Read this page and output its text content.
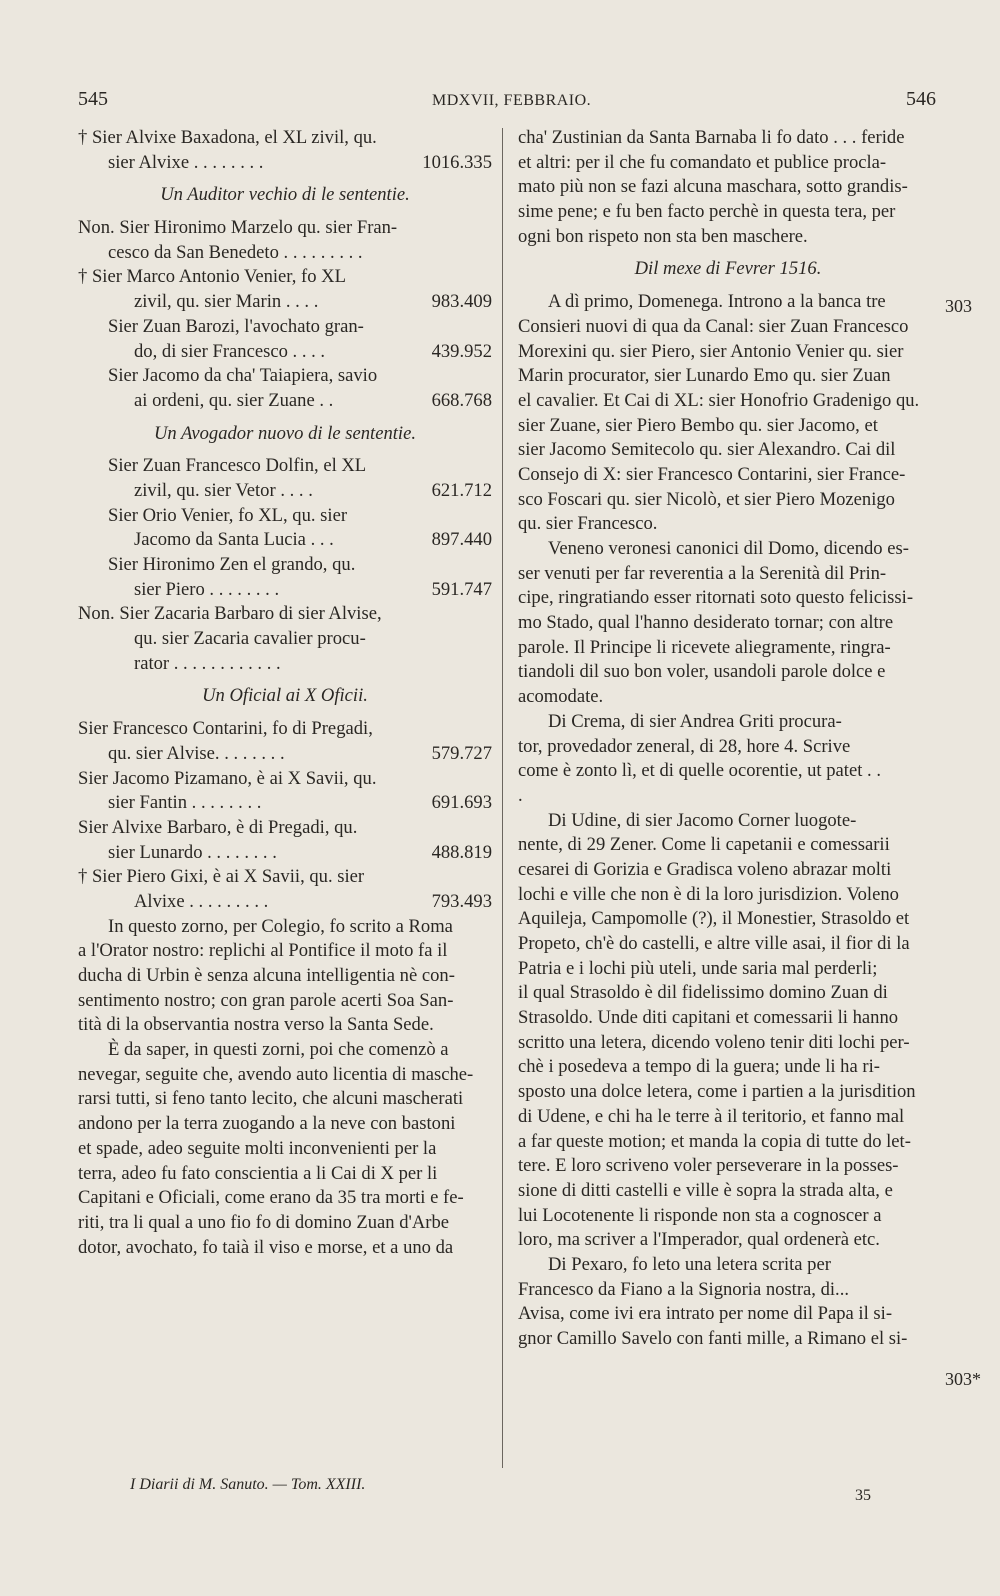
545	MDXVII, FEBBRAIO.	546
† Sier Alvixe Baxadona, el XL zivil, qu.
1016.335
sier Alvixe . . . . . . . .
Un Auditor vechio di le sententie.
Non. Sier Hironimo Marzelo qu. sier Fran-
cesco da San Benedeto . . . . . . . . .
† Sier Marco Antonio Venier, fo XL
983.409
zivil, qu. sier Marin . . . .
Sier Zuan Barozi, l'avochato gran-
439.952
do, di sier Francesco . . . .
Sier Jacomo da cha' Taiapiera, savio
668.768
ai ordeni, qu. sier Zuane . .
Un Avogador nuovo di le sententie.
Sier Zuan Francesco Dolfin, el XL
621.712
zivil, qu. sier Vetor . . . .
Sier Orio Venier, fo XL, qu. sier
897.440
Jacomo da Santa Lucia . . .
Sier Hironimo Zen el grando, qu.
591.747
sier Piero . . . . . . . .
Non. Sier Zacaria Barbaro di sier Alvise,
qu. sier Zacaria cavalier procu-
rator . . . . . . . . . . . .
Un Oficial ai X Oficii.
Sier Francesco Contarini, fo di Pregadi,
579.727
qu. sier Alvise. . . . . . . .
Sier Jacomo Pizamano, è ai X Savii, qu.
691.693
sier Fantin . . . . . . . .
Sier Alvixe Barbaro, è di Pregadi, qu.
488.819
sier Lunardo . . . . . . . .
† Sier Piero Gixi, è ai X Savii, qu. sier
793.493
Alvixe . . . . . . . . .
In questo zorno, per Colegio, fo scrito a Roma
a l'Orator nostro: replichi al Pontifice il moto fa il
ducha di Urbin è senza alcuna intelligentia nè con-
sentimento nostro; con gran parole acerti Soa San-
tità di la observantia nostra verso la Santa Sede.
È da saper, in questi zorni, poi che comenzò a
nevegar, seguite che, avendo auto licentia di masche-
rarsi tutti, si feno tanto lecito, che alcuni mascherati
andono per la terra zuogando a la neve con bastoni
et spade, adeo seguite molti inconvenienti per la
terra, adeo fu fato conscientia a li Cai di X per li
Capitani e Oficiali, come erano da 35 tra morti e fe-
riti, tra li qual a uno fio fo di domino Zuan d'Arbe
dotor, avochato, fo taià il viso e morse, et a uno da
cha' Zustinian da Santa Barnaba li fo dato . . . feride
et altri: per il che fu comandato et publice procla-
mato più non se fazi alcuna maschara, sotto grandis-
sime pene; e fu ben facto perchè in questa tera, per
ogni bon rispeto non sta ben maschere.
Dil mexe di Fevrer 1516.
A dì primo, Domenega. Introno a la banca tre
Consieri nuovi di qua da Canal: sier Zuan Francesco
Morexini qu. sier Piero, sier Antonio Venier qu. sier
Marin procurator, sier Lunardo Emo qu. sier Zuan
el cavalier. Et Cai di XL: sier Honofrio Gradenigo qu.
sier Zuane, sier Piero Bembo qu. sier Jacomo, et
sier Jacomo Semitecolo qu. sier Alexandro. Cai dil
Consejo di X: sier Francesco Contarini, sier France-
sco Foscari qu. sier Nicolò, et sier Piero Mozenigo
qu. sier Francesco.
Veneno veronesi canonici dil Domo, dicendo es-
ser venuti per far reverentia a la Serenità dil Prin-
cipe, ringratiando esser ritornati soto questo felicissi-
mo Stado, qual l'hanno desiderato tornar; con altre
parole. Il Principe li ricevete aliegramente, ringra-
tiandoli dil suo bon voler, usandoli parole dolce e
acomodate.
Di Crema, di sier Andrea Griti procura-
tor, provedador zeneral, di 28, hore 4. Scrive
come è zonto lì, et di quelle ocorentie, ut patet . .
.
Di Udine, di sier Jacomo Corner luogote-
nente, di 29 Zener. Come li capetanii e comessarii
cesarei di Gorizia e Gradisca voleno abrazar molti
lochi e ville che non è di la loro jurisdizion. Voleno
Aquileja, Campomolle (?), il Monestier, Strasoldo et
Propeto, ch'è do castelli, e altre ville asai, il fior di la
Patria e i lochi più uteli, unde saria mal perderli;
il qual Strasoldo è dil fidelissimo domino Zuan di
Strasoldo. Unde diti capitani et comessarii li hanno
scritto una letera, dicendo voleno tenir diti lochi per-
chè i posedeva a tempo di la guera; unde li ha ri-
sposto una dolce letera, come i partien a la jurisdition
di Udene, e chi ha le terre à il teritorio, et fanno mal
a far queste motion; et manda la copia di tutte do let-
tere. E loro scriveno voler perseverare in la posses-
sione di ditti castelli e ville è sopra la strada alta, e
lui Locotenente li risponde non sta a cognoscer a
loro, ma scriver a l'Imperador, qual ordenerà etc.
Di Pexaro, fo leto una letera scrita per
Francesco da Fiano a la Signoria nostra, di...
Avisa, come ivi era intrato per nome dil Papa il si-
gnor Camillo Savelo con fanti mille, a Rimano el si-
303
303*
I Diarii di M. Sanuto. — Tom. XXIII.
35
